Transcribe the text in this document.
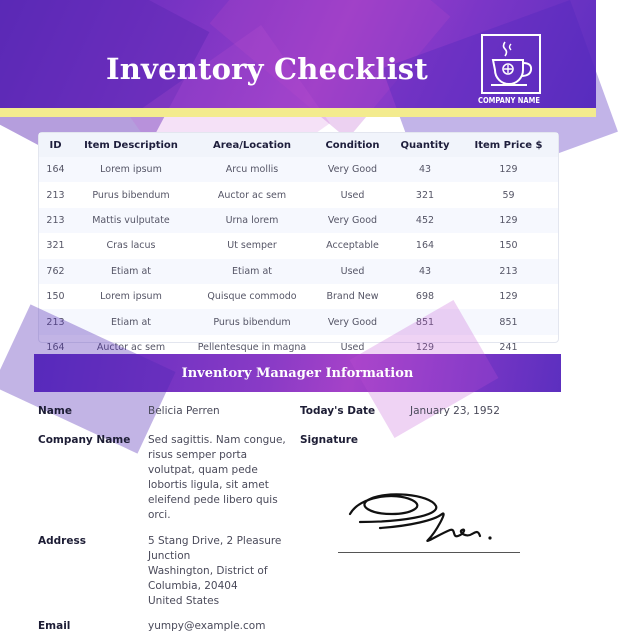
Inventory Checklist
COMPANY NAME
ID	Item Description	Area/Location	Condition	Quantity	Item Price $
164	Lorem ipsum	Arcu mollis	Very Good	43	129
213	Purus bibendum	Auctor ac sem	Used	321	59
213	Mattis vulputate	Urna lorem	Very Good	452	129
321	Cras lacus	Ut semper	Acceptable	164	150
762	Etiam at	Etiam at	Used	43	213
150	Lorem ipsum	Quisque commodo	Brand New	698	129
213	Etiam at	Purus bibendum	Very Good	851	851
164	Auctor ac sem	Pellentesque in magna	Used	129	241
Inventory Manager Information
Name	Belicia Perren	Today's Date	January 23, 1952
Company Name Sed sagittis. Nam congue,
risus semper porta
volutpat, quam pede
lobortis ligula, sit amet
eleifend pede libero quis
orci.
Signature
Address	5 Stang Drive, 2 Pleasure
Junction
Washington, District of
Columbia, 20404
United States
Email	yumpy@example.com
